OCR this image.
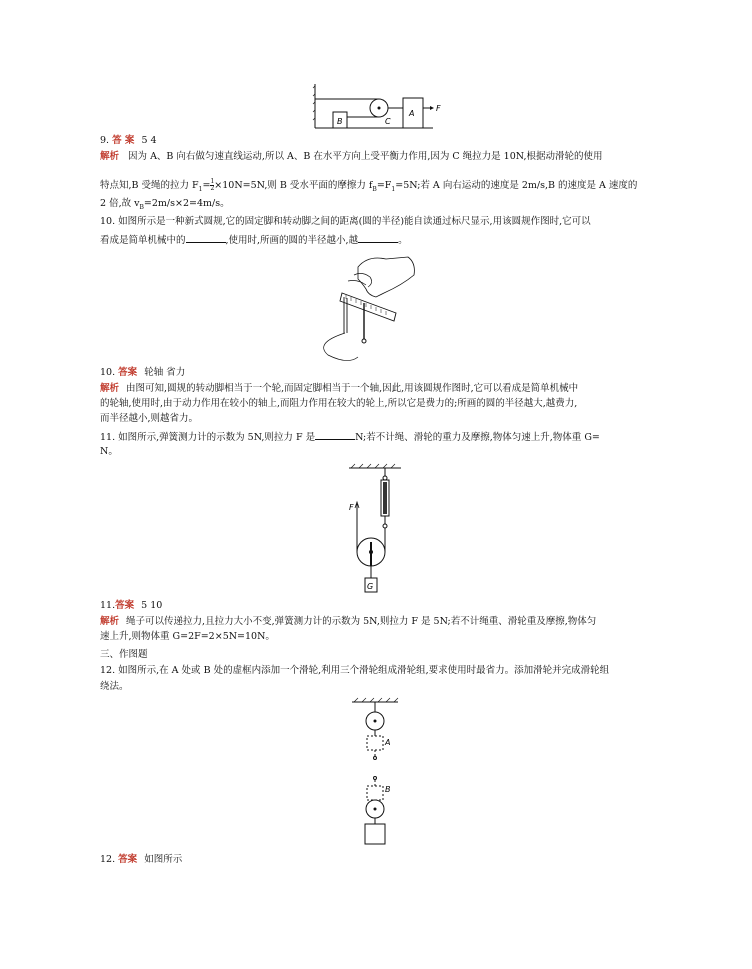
B	C
A
F
9. 答 案 5 4
解析 因为 A、B 向右做匀速直线运动,所以 A、B 在水平方向上受平衡力作用,因为 C 绳拉力是 10N,根据动滑轮的使用
特点知,B 受绳的拉力 $F_1= \frac{1}{2} \times 10N=5N$,则 B 受水平面的摩擦力 $f_B=F_1=5N$;若 A 向右运动的速度是 2m/s,B 的速度是 A 速度的
2 倍,故 $v_B=2m/s\times 2=4m/s$。
10. 如图所示是一种新式圆规,它的固定脚和转动脚之间的距离(圆的半径)能自读通过标尺显示,用该圆规作图时,它可以
看成是简单机械中的	,使用时,所画的圆的半径越小,越	。
10. 答案 轮轴 省力
解析 由图可知,圆规的转动脚相当于一个轮,而固定脚相当于一个轴,因此,用该圆规作图时,它可以看成是简单机械中
的轮轴,使用时,由于动力作用在较小的轴上,而阻力作用在较大的轮上,所以它是费力的;所画的圆的半径越大,越费力,
而半径越小,则越省力。
11. 如图所示,弹簧测力计的示数为 5N,则拉力 F 是	N;若不计绳、滑轮的重力及摩擦,物体匀速上升,物体重 G=
N。
F
G
11.答案 5 10
解析 绳子可以传递拉力,且拉力大小不变,弹簧测力计的示数为 5N,则拉力 F 是 5N;若不计绳重、滑轮重及摩擦,物体匀
速上升,则物体重 G=2F=2×5N=10N。
三、作图题
12. 如图所示,在 A 处或 B 处的虚框内添加一个滑轮,利用三个滑轮组成滑轮组,要求使用时最省力。添加滑轮并完成滑轮组
绕法。
A
B
12. 答案 如图所示
